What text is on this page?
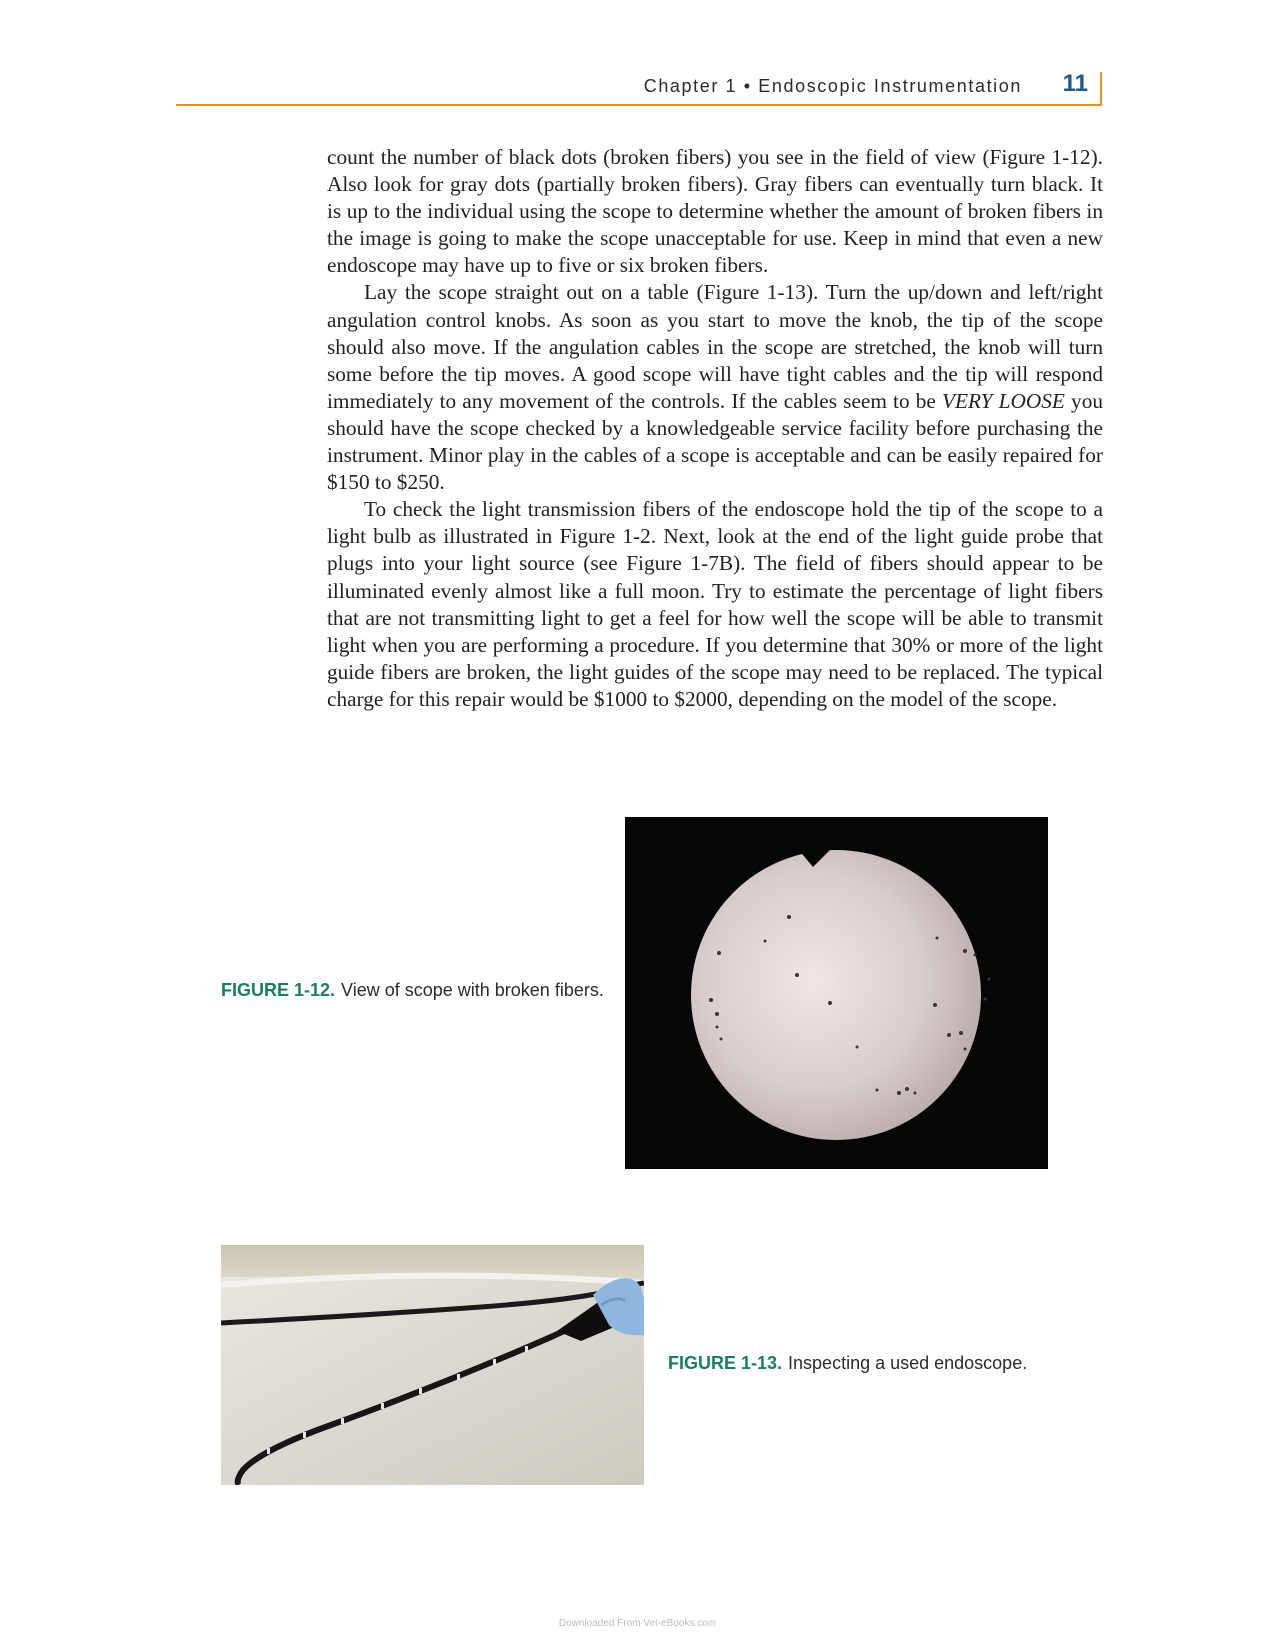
Chapter 1 • Endoscopic Instrumentation 11

count the number of black dots (broken fibers) you see in the field of view (Figure 1-12). Also look for gray dots (partially broken fibers). Gray fibers can eventually turn black. It is up to the individual using the scope to determine whether the amount of broken fibers in the image is going to make the scope unacceptable for use. Keep in mind that even a new endoscope may have up to five or six broken fibers.

Lay the scope straight out on a table (Figure 1-13). Turn the up/down and left/right angulation control knobs. As soon as you start to move the knob, the tip of the scope should also move. If the angulation cables in the scope are stretched, the knob will turn some before the tip moves. A good scope will have tight cables and the tip will respond immediately to any movement of the controls. If the cables seem to be VERY LOOSE you should have the scope checked by a knowledgeable service facility before purchasing the instrument. Minor play in the cables of a scope is acceptable and can be easily repaired for $150 to $250.

To check the light transmission fibers of the endoscope hold the tip of the scope to a light bulb as illustrated in Figure 1-2. Next, look at the end of the light guide probe that plugs into your light source (see Figure 1-7B). The field of fibers should appear to be illuminated evenly almost like a full moon. Try to estimate the percentage of light fibers that are not transmitting light to get a feel for how well the scope will be able to transmit light when you are performing a procedure. If you determine that 30% or more of the light guide fibers are broken, the light guides of the scope may need to be replaced. The typical charge for this repair would be $1000 to $2000, depending on the model of the scope.

FIGURE 1-12. View of scope with broken fibers.
FIGURE 1-13. Inspecting a used endoscope.
Downloaded From Vet-eBooks.com
